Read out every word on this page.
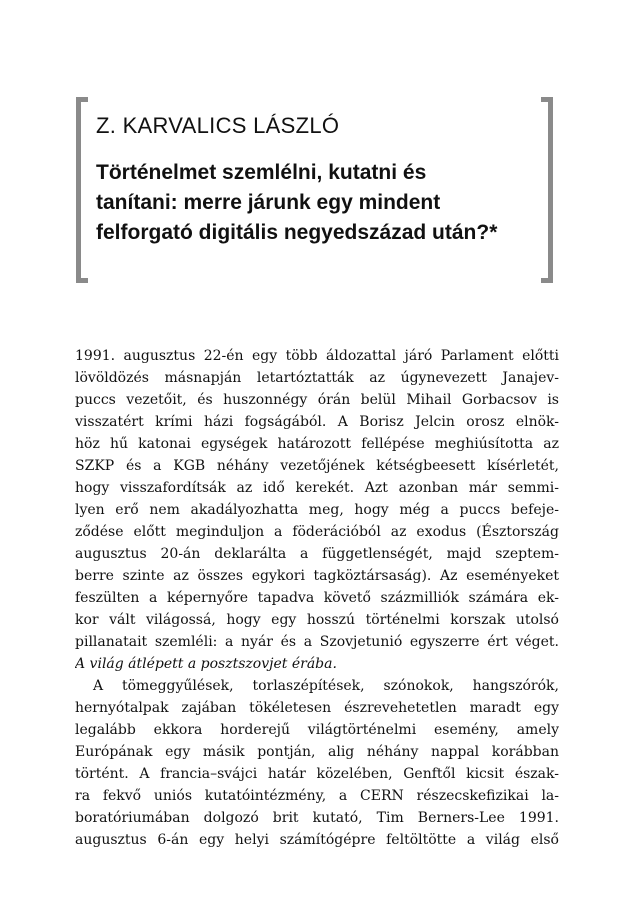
Z. KARVALICS LÁSZLÓ
Történelmet szemlélni, kutatni és
tanítani: merre járunk egy mindent
felforgató digitális negyedszázad után?*
1991. augusztus 22-én egy több áldozattal járó Parlament előtti
lövöldözés másnapján letartóztatták az úgynevezett Janajev-
puccs vezetőit, és huszonnégy órán belül Mihail Gorbacsov is
visszatért krími házi fogságából. A Borisz Jelcin orosz elnök-
höz hű katonai egységek határozott fellépése meghiúsította az
SZKP és a KGB néhány vezetőjének kétségbeesett kísérletét,
hogy visszafordítsák az idő kerekét. Azt azonban már semmi-
lyen erő nem akadályozhatta meg, hogy még a puccs befeje-
ződése előtt meginduljon a föderációból az exodus (Észtország
augusztus 20-án deklarálta a függetlenségét, majd szeptem-
berre szinte az összes egykori tagköztársaság). Az eseményeket
feszülten a képernyőre tapadva követő százmilliók számára ek-
kor vált világossá, hogy egy hosszú történelmi korszak utolsó
pillanatait szemléli: a nyár és a Szovjetunió egyszerre ért véget.
A világ átlépett a posztszovjet érába.
A tömeggyűlések, torlaszépítések, szónokok, hangszórók,
hernyótalpak zajában tökéletesen észrevehetetlen maradt egy
legalább ekkora horderejű világtörténelmi esemény, amely
Európának egy másik pontján, alig néhány nappal korábban
történt. A francia–svájci határ közelében, Genftől kicsit észak-
ra fekvő uniós kutatóintézmény, a CERN részecskefizikai la-
boratóriumában dolgozó brit kutató, Tim Berners-Lee 1991.
augusztus 6-án egy helyi számítógépre feltöltötte a világ első
